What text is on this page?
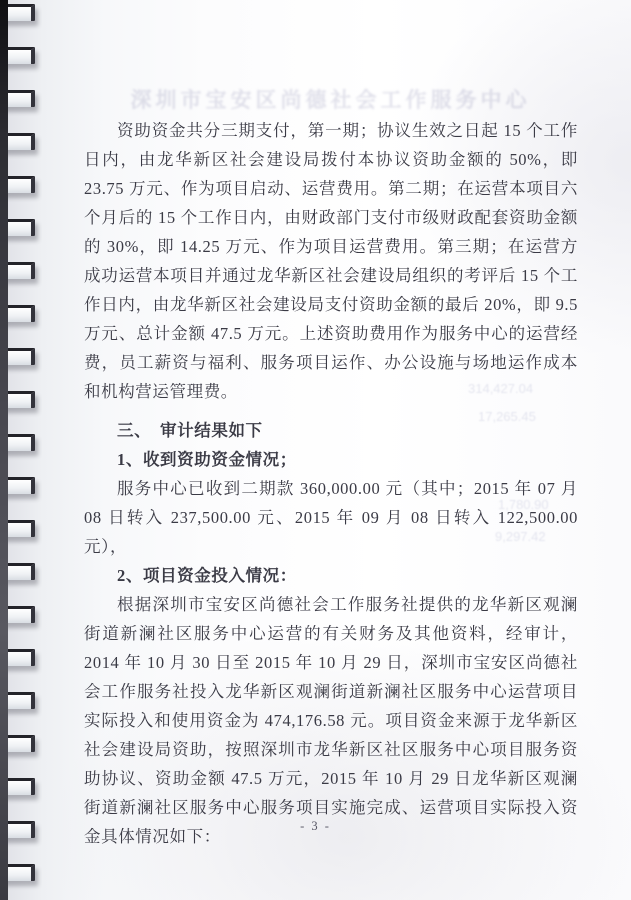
深圳市宝安区尚德社会工作服务中心
314,427.04
17,265.45
1,780.90
9,297.42

资助资金共分三期支付，第一期；协议生效之日起 15 个工作日内，由龙华新区社会建设局拨付本协议资助金额的 50%，即 23.75 万元、作为项目启动、运营费用。第二期；在运营本项目六个月后的 15 个工作日内，由财政部门支付市级财政配套资助金额的 30%，即 14.25 万元、作为项目运营费用。第三期；在运营方成功运营本项目并通过龙华新区社会建设局组织的考评后 15 个工作日内，由龙华新区社会建设局支付资助金额的最后 20%，即 9.5 万元、总计金额 47.5 万元。上述资助费用作为服务中心的运营经费，员工薪资与福利、服务项目运作、办公设施与场地运作成本和机构营运管理费。

三、　审计结果如下

1、收到资助资金情况；

服务中心已收到二期款 360,000.00 元（其中；2015 年 07 月 08 日转入 237,500.00 元、2015 年 09 月 08 日转入 122,500.00 元），

2、项目资金投入情况：

根据深圳市宝安区尚德社会工作服务社提供的龙华新区观澜街道新澜社区服务中心运营的有关财务及其他资料，经审计，2014 年 10 月 30 日至 2015 年 10 月 29 日，深圳市宝安区尚德社会工作服务社投入龙华新区观澜街道新澜社区服务中心运营项目实际投入和使用资金为 474,176.58 元。项目资金来源于龙华新区社会建设局资助，按照深圳市龙华新区社区服务中心项目服务资助协议、资助金额 47.5 万元，2015 年 10 月 29 日龙华新区观澜街道新澜社区服务中心服务项目实施完成、运营项目实际投入资金具体情况如下：

- 3 -
